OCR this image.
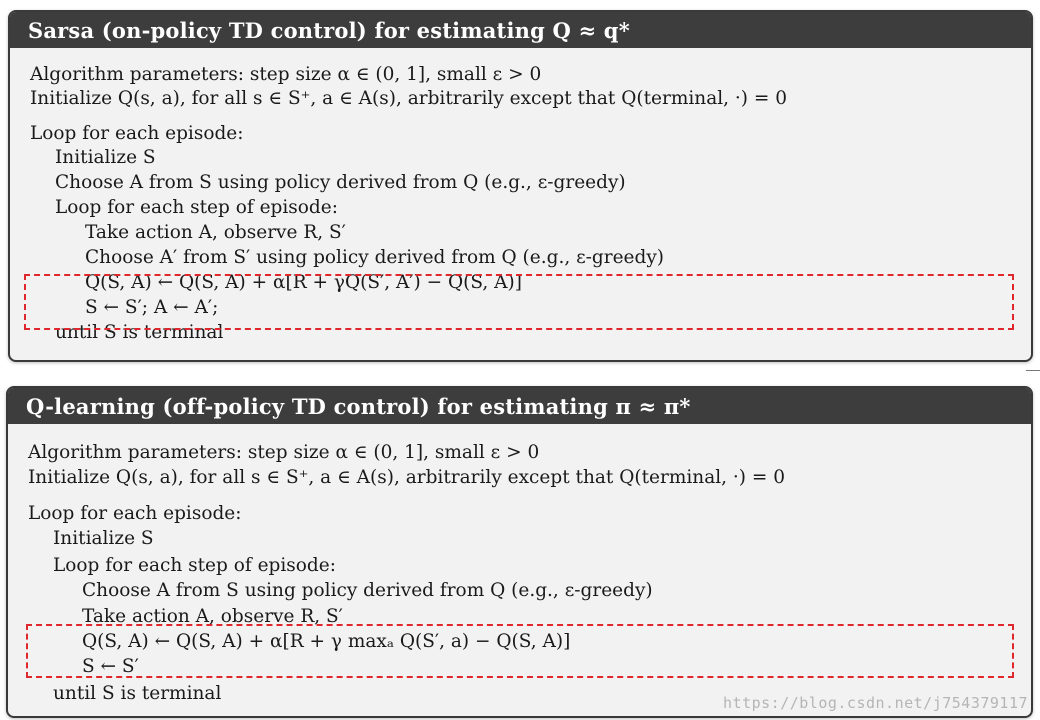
Sarsa (on-policy TD control) for estimating Q ≈ q*
Algorithm parameters: step size α ∈ (0, 1], small ε > 0
Initialize Q(s, a), for all s ∈ S⁺, a ∈ A(s), arbitrarily except that Q(terminal, ·) = 0
Loop for each episode:
Initialize S
Choose A from S using policy derived from Q (e.g., ε-greedy)
Loop for each step of episode:
Take action A, observe R, S′
Choose A′ from S′ using policy derived from Q (e.g., ε-greedy)
Q(S, A) ← Q(S, A) + α[R + γQ(S′, A′) − Q(S, A)]
S ← S′; A ← A′;
until S is terminal
Q-learning (off-policy TD control) for estimating π ≈ π*
Algorithm parameters: step size α ∈ (0, 1], small ε > 0
Initialize Q(s, a), for all s ∈ S⁺, a ∈ A(s), arbitrarily except that Q(terminal, ·) = 0
Loop for each episode:
Initialize S
Loop for each step of episode:
Choose A from S using policy derived from Q (e.g., ε-greedy)
Take action A, observe R, S′
Q(S, A) ← Q(S, A) + α[R + γ maxₐ Q(S′, a) − Q(S, A)]
S ← S′
until S is terminal	https://blog.csdn.net/j754379117
